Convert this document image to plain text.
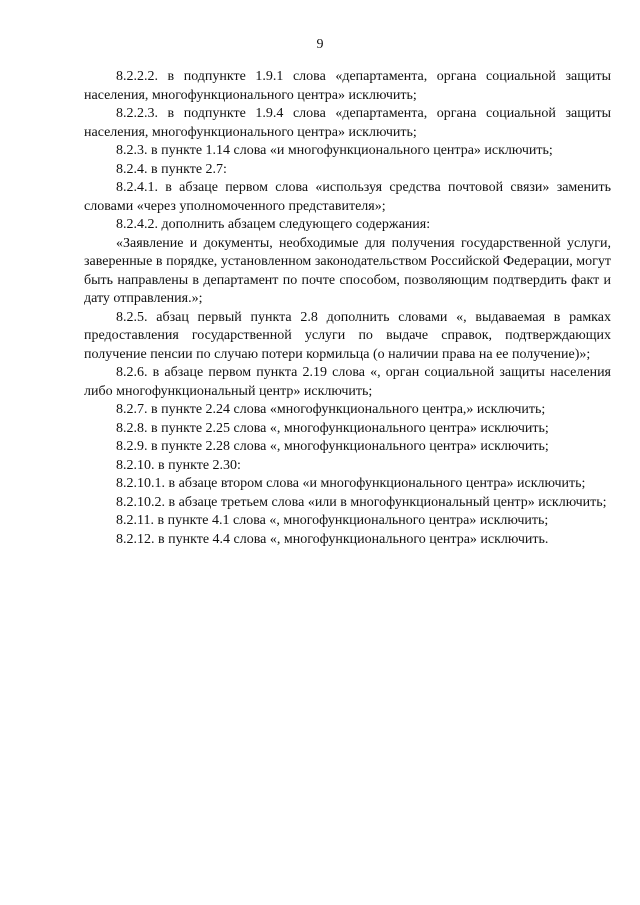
9

8.2.2.2. в подпункте 1.9.1 слова «департамента, органа социальной защиты населения, многофункционального центра» исключить;

8.2.2.3. в подпункте 1.9.4 слова «департамента, органа социальной защиты населения, многофункционального центра» исключить;

8.2.3. в пункте 1.14 слова «и многофункционального центра» исключить;

8.2.4. в пункте 2.7:

8.2.4.1. в абзаце первом слова «используя средства почтовой связи» заменить словами «через уполномоченного представителя»;

8.2.4.2. дополнить абзацем следующего содержания:

«Заявление и документы, необходимые для получения государственной услуги, заверенные в порядке, установленном законодательством Российской Федерации, могут быть направлены в департамент по почте способом, позволяющим подтвердить факт и дату отправления.»;

8.2.5. абзац первый пункта 2.8 дополнить словами «, выдаваемая в рамках предоставления государственной услуги по выдаче справок, подтверждающих получение пенсии по случаю потери кормильца (о наличии права на ее получение)»;

8.2.6. в абзаце первом пункта 2.19 слова «, орган социальной защиты населения либо многофункциональный центр» исключить;

8.2.7. в пункте 2.24 слова «многофункционального центра,» исключить;

8.2.8. в пункте 2.25 слова «, многофункционального центра» исключить;

8.2.9. в пункте 2.28 слова «, многофункционального центра» исключить;

8.2.10. в пункте 2.30:

8.2.10.1. в абзаце втором слова «и многофункционального центра» исключить;

8.2.10.2. в абзаце третьем слова «или в многофункциональный центр» исключить;

8.2.11. в пункте 4.1 слова «, многофункционального центра» исключить;

8.2.12. в пункте 4.4 слова «, многофункционального центра» исключить.
